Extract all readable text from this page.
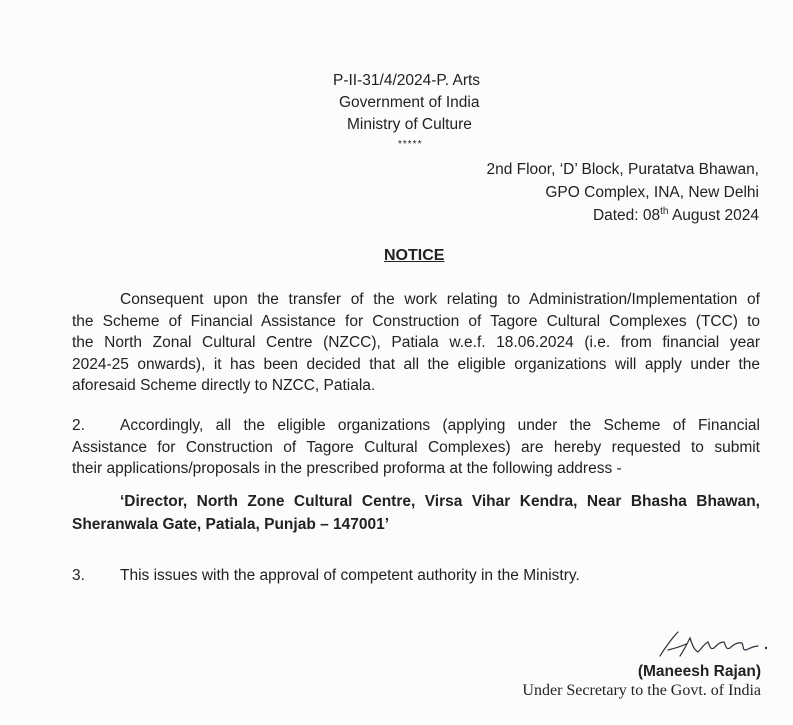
P-II-31/4/2024-P. Arts
Government of India
Ministry of Culture
*****
2nd Floor, ‘D’ Block, Puratatva Bhawan,
GPO Complex, INA, New Delhi
Dated: 08th August 2024
NOTICE
Consequent upon the transfer of the work relating to Administration/Implementation of
the Scheme of Financial Assistance for Construction of Tagore Cultural Complexes (TCC) to
the North Zonal Cultural Centre (NZCC), Patiala w.e.f. 18.06.2024 (i.e. from financial year
2024-25 onwards), it has been decided that all the eligible organizations will apply under the
aforesaid Scheme directly to NZCC, Patiala.
2. Accordingly, all the eligible organizations (applying under the Scheme of Financial
Assistance for Construction of Tagore Cultural Complexes) are hereby requested to submit
their applications/proposals in the prescribed proforma at the following address -
‘Director, North Zone Cultural Centre, Virsa Vihar Kendra, Near Bhasha Bhawan,
Sheranwala Gate, Patiala, Punjab – 147001’
3. This issues with the approval of competent authority in the Ministry.
(Maneesh Rajan)
Under Secretary to the Govt. of India
